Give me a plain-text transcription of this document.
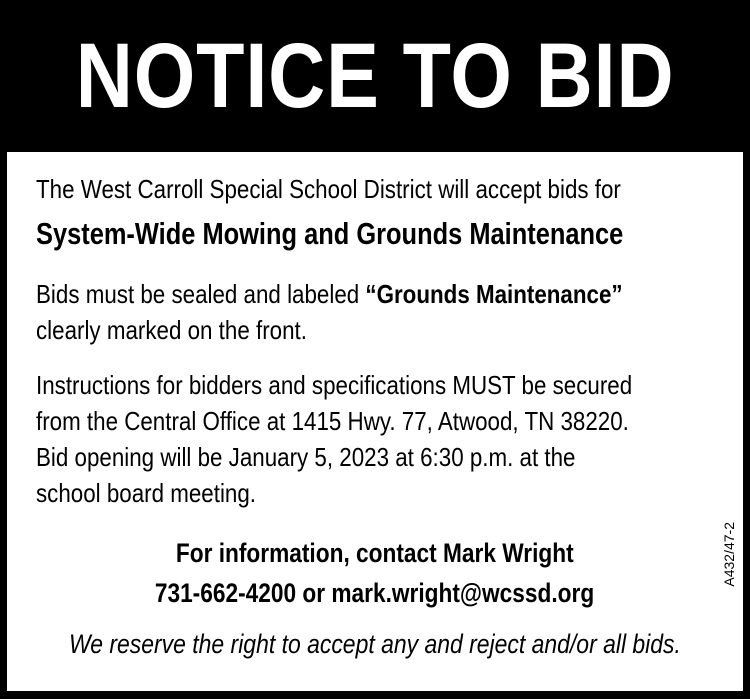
NOTICE TO BID
The West Carroll Special School District will accept bids for
System-Wide Mowing and Grounds Maintenance
Bids must be sealed and labeled “Grounds Maintenance”
clearly marked on the front.
Instructions for bidders and specifications MUST be secured
from the Central Office at 1415 Hwy. 77, Atwood, TN 38220.
Bid opening will be January 5, 2023 at 6:30 p.m. at the
school board meeting.
For information, contact Mark Wright
731-662-4200 or mark.wright@wcssd.org
We reserve the right to accept any and reject and/or all bids.
A432/47-2
